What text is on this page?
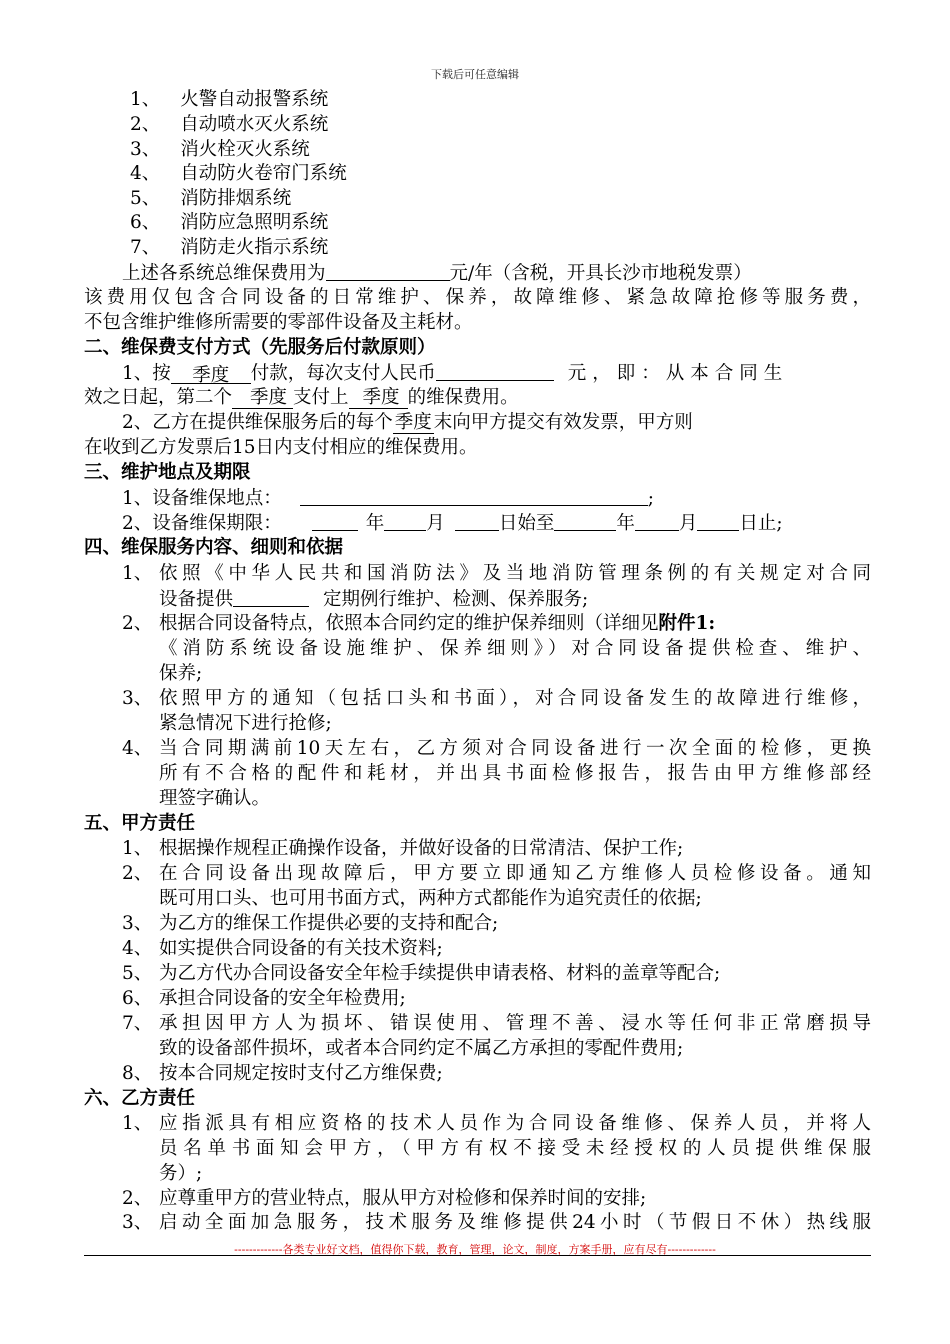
下载后可任意编辑
1、 火警自动报警系统
2、 自动喷水灭火系统
3、 消火栓灭火系统
4、 自动防火卷帘门系统
5、 消防排烟系统
6、 消防应急照明系统
7、 消防走火指示系统
上述各系统总维保费用为	元/年（含税，开具长沙市地税发票）
该费用仅包含合同设备的日常维护、保养，故障维修、紧急故障抢修等服务费，
不包含维护维修所需要的零部件设备及主耗材。
二、维保费支付方式（先服务后付款原则）
1、按 季度 付款，每次支付人民币	元，即：从本合同生
效之日起，第二个 季度 支付上 季度 的维保费用。
2、乙方在提供维保服务后的每个 季度 末向甲方提交有效发票，甲方则
在收到乙方发票后15日内支付相应的维保费用。
三、维护地点及期限
1、设备维保地点：	;
2、设备维保期限：	年 月	日始至	年 月 日止;
四、维保服务内容、细则和依据
1、 依照《中华人民共和国消防法》及当地消防管理条例的有关规定对合同
设备提供	定期例行维护、检测、保养服务;
2、 根据合同设备特点，依照本合同约定的维护保养细则（详细见附件1:
《消防系统设备设施维护、保养细则》）对合同设备提供检查、维护、
保养;
3、 依照甲方的通知（包括口头和书面），对合同设备发生的故障进行维修，
紧急情况下进行抢修;
4、 当合同期满前10天左右，乙方须对合同设备进行一次全面的检修，更换
所有不合格的配件和耗材，并出具书面检修报告，报告由甲方维修部经
理签字确认。
五、甲方责任
1、 根据操作规程正确操作设备，并做好设备的日常清洁、保护工作;
2、 在合同设备出现故障后，甲方要立即通知乙方维修人员检修设备。通知
既可用口头、也可用书面方式，两种方式都能作为追究责任的依据;
3、 为乙方的维保工作提供必要的支持和配合;
4、 如实提供合同设备的有关技术资料;
5、 为乙方代办合同设备安全年检手续提供申请表格、材料的盖章等配合;
6、 承担合同设备的安全年检费用;
7、 承担因甲方人为损坏、错误使用、管理不善、浸水等任何非正常磨损导
致的设备部件损坏，或者本合同约定不属乙方承担的零配件费用;
8、 按本合同规定按时支付乙方维保费;
六、乙方责任
1、 应指派具有相应资格的技术人员作为合同设备维修、保养人员，并将人
员名单书面知会甲方，（甲方有权不接受未经授权的人员提供维保服
务）;
2、 应尊重甲方的营业特点，服从甲方对检修和保养时间的安排;
3、 启动全面加急服务，技术服务及维修提供24小时（节假日不休）热线服
-------------各类专业好文档，值得你下载，教育，管理，论文，制度，方案手册，应有尽有-------------
